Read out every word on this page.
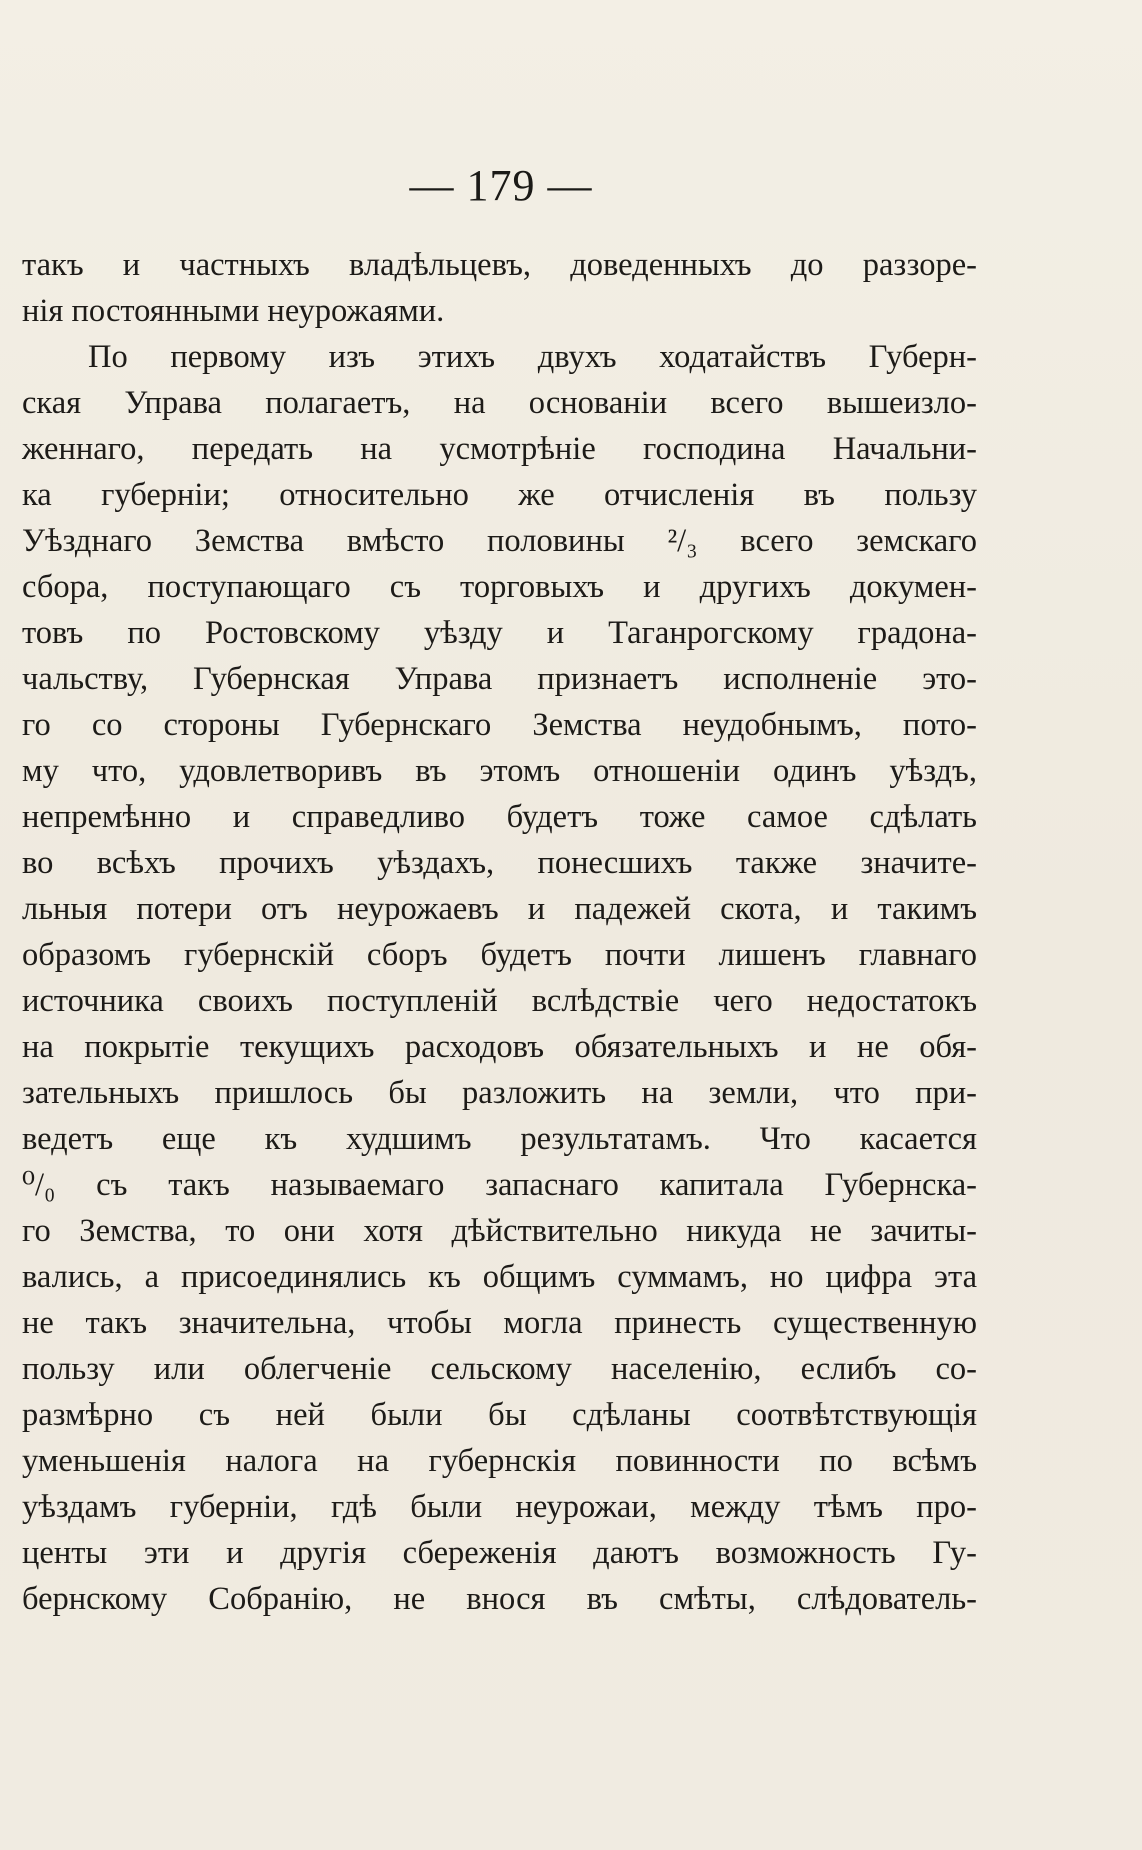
— 179 —
такъ и частныхъ владѣльцевъ, доведенныхъ до раззоре-
нія постоянными неурожаями.
По первому изъ этихъ двухъ ходатайствъ Губерн-
ская Управа полагаетъ, на основаніи всего вышеизло-
женнаго, передать на усмотрѣніе господина Начальни-
ка губерніи; относительно же отчисленія въ пользу
Уѣзднаго Земства вмѣсто половины ²/₃ всего земскаго
сбора, поступающаго съ торговыхъ и другихъ докумен-
товъ по Ростовскому уѣзду и Таганрогскому градона-
чальству, Губернская Управа признаетъ исполненіе это-
го со стороны Губернскаго Земства неудобнымъ, пото-
му что, удовлетворивъ въ этомъ отношеніи одинъ уѣздъ,
непремѣнно и справедливо будетъ тоже самое сдѣлать
во всѣхъ прочихъ уѣздахъ, понесшихъ также значите-
льныя потери отъ неурожаевъ и падежей скота, и такимъ
образомъ губернскій сборъ будетъ почти лишенъ главнаго
источника своихъ поступленій вслѣдствіе чего недостатокъ
на покрытіе текущихъ расходовъ обязательныхъ и не обя-
зательныхъ пришлось бы разложить на земли, что при-
ведетъ еще къ худшимъ результатамъ. Что касается
⁰/₀ съ такъ называемаго запаснаго капитала Губернска-
го Земства, то они хотя дѣйствительно никуда не зачиты-
вались, а присоединялись къ общимъ суммамъ, но цифра эта
не такъ значительна, чтобы могла принесть существенную
пользу или облегченіе сельскому населенію, еслибъ со-
размѣрно съ ней были бы сдѣланы соотвѣтствующія
уменьшенія налога на губернскія повинности по всѣмъ
уѣздамъ губерніи, гдѣ были неурожаи, между тѣмъ про-
центы эти и другія сбереженія даютъ возможность Гу-
бернскому Собранію, не внося въ смѣты, слѣдователь-
